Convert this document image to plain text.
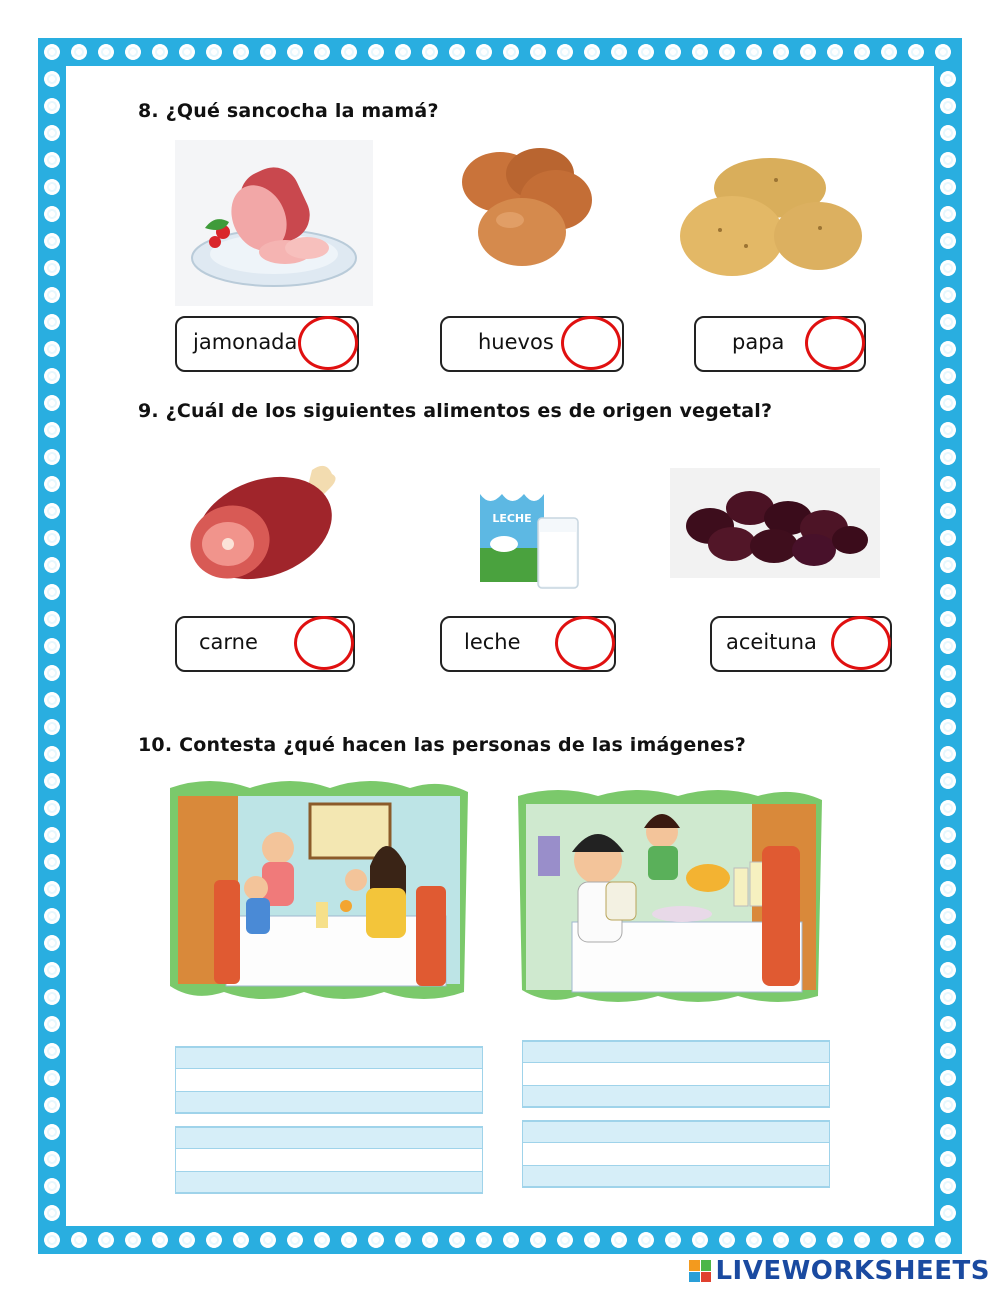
8. ¿Qué sancocha la mamá?
jamonada	huevos	papa
9. ¿Cuál de los siguientes alimentos es de origen vegetal?
LECHE
carne	leche	aceituna
10. Contesta ¿qué hacen las personas de las imágenes?
LIVEWORKSHEETS
